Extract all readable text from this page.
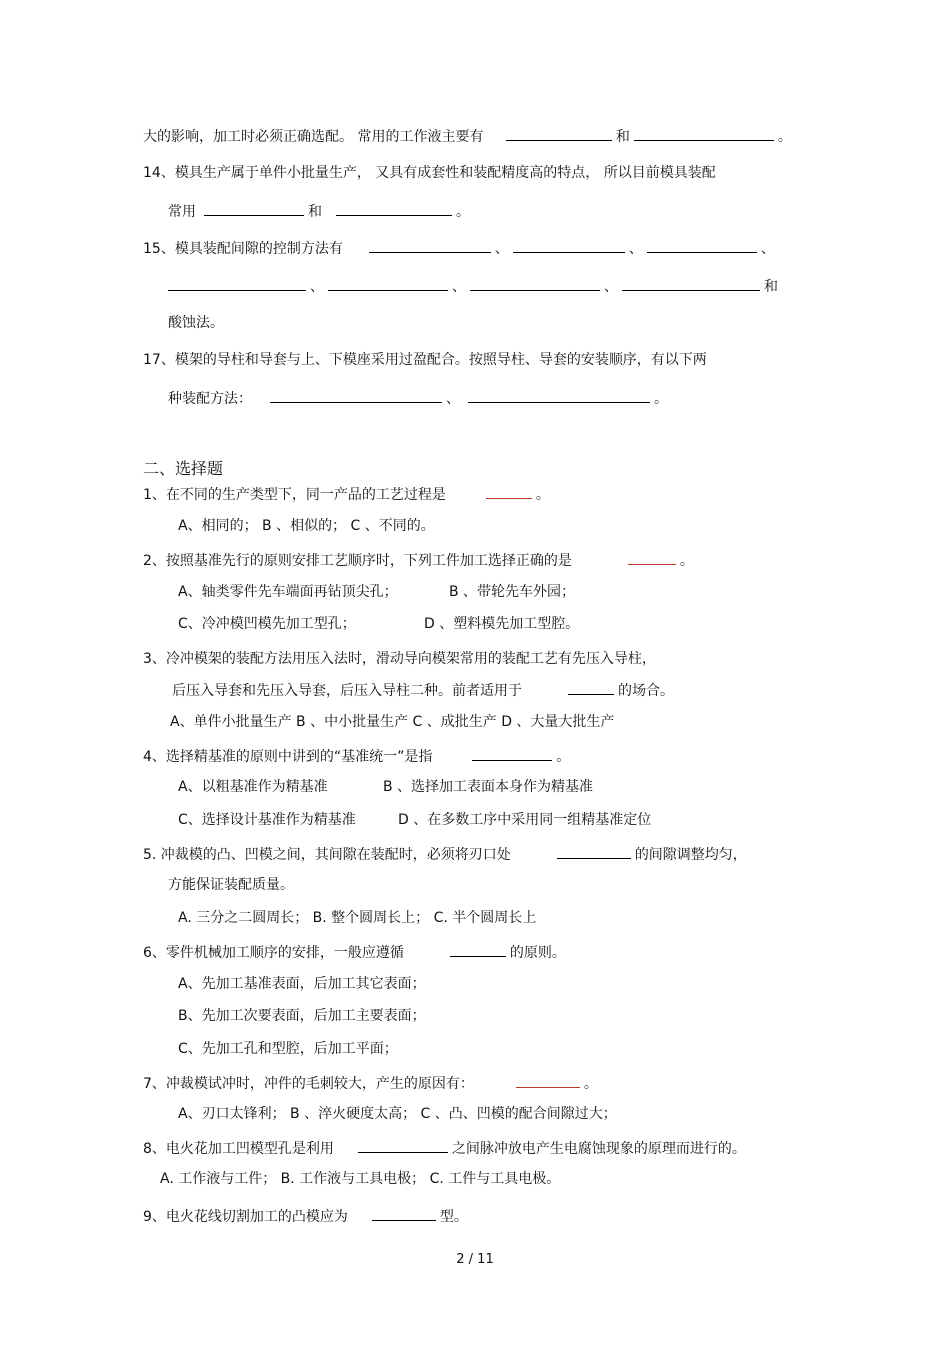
大的影响，加工时必须正确选配。 常用的工作液主要有	和	。
14、模具生产属于单件小批量生产， 又具有成套性和装配精度高的特点， 所以目前模具装配
常用	和	。
15、模具装配间隙的控制方法有	、	、	、
、	、	、	和
酸蚀法。
17、模架的导柱和导套与上、下模座采用过盈配合。按照导柱、导套的安装顺序，有以下两
种装配方法：	、	。
二、选择题
1、在不同的生产类型下，同一产品的工艺过程是	。
A、相同的； B 、相似的； C 、不同的。
2、按照基准先行的原则安排工艺顺序时，下列工件加工选择正确的是	。
A、轴类零件先车端面再钻顶尖孔；	B 、带轮先车外园；
C、冷冲模凹模先加工型孔；	D 、塑料模先加工型腔。
3、冷冲模架的装配方法用压入法时，滑动导向模架常用的装配工艺有先压入导柱，
后压入导套和先压入导套，后压入导柱二种。前者适用于	的场合。
A、单件小批量生产 B 、中小批量生产 C 、成批生产 D 、大量大批生产
4、选择精基准的原则中讲到的“基准统一”是指	。
A、以粗基准作为精基准	B 、选择加工表面本身作为精基准
C、选择设计基准作为精基准	D 、在多数工序中采用同一组精基准定位
5. 冲裁模的凸、凹模之间，其间隙在装配时，必须将刃口处	的间隙调整均匀，
方能保证装配质量。
A. 三分之二圆周长； B. 整个圆周长上； C. 半个圆周长上
6、零件机械加工顺序的安排，一般应遵循	的原则。
A、先加工基准表面，后加工其它表面；
B、先加工次要表面，后加工主要表面；
C、先加工孔和型腔，后加工平面；
7、冲裁模试冲时，冲件的毛刺较大，产生的原因有：	。
A、刃口太锋利； B 、淬火硬度太高； C 、凸、凹模的配合间隙过大；
8、电火花加工凹模型孔是利用	之间脉冲放电产生电腐蚀现象的原理而进行的。
A. 工作液与工件； B. 工作液与工具电极； C. 工件与工具电极。
9、电火花线切割加工的凸模应为	型。
2 / 11
